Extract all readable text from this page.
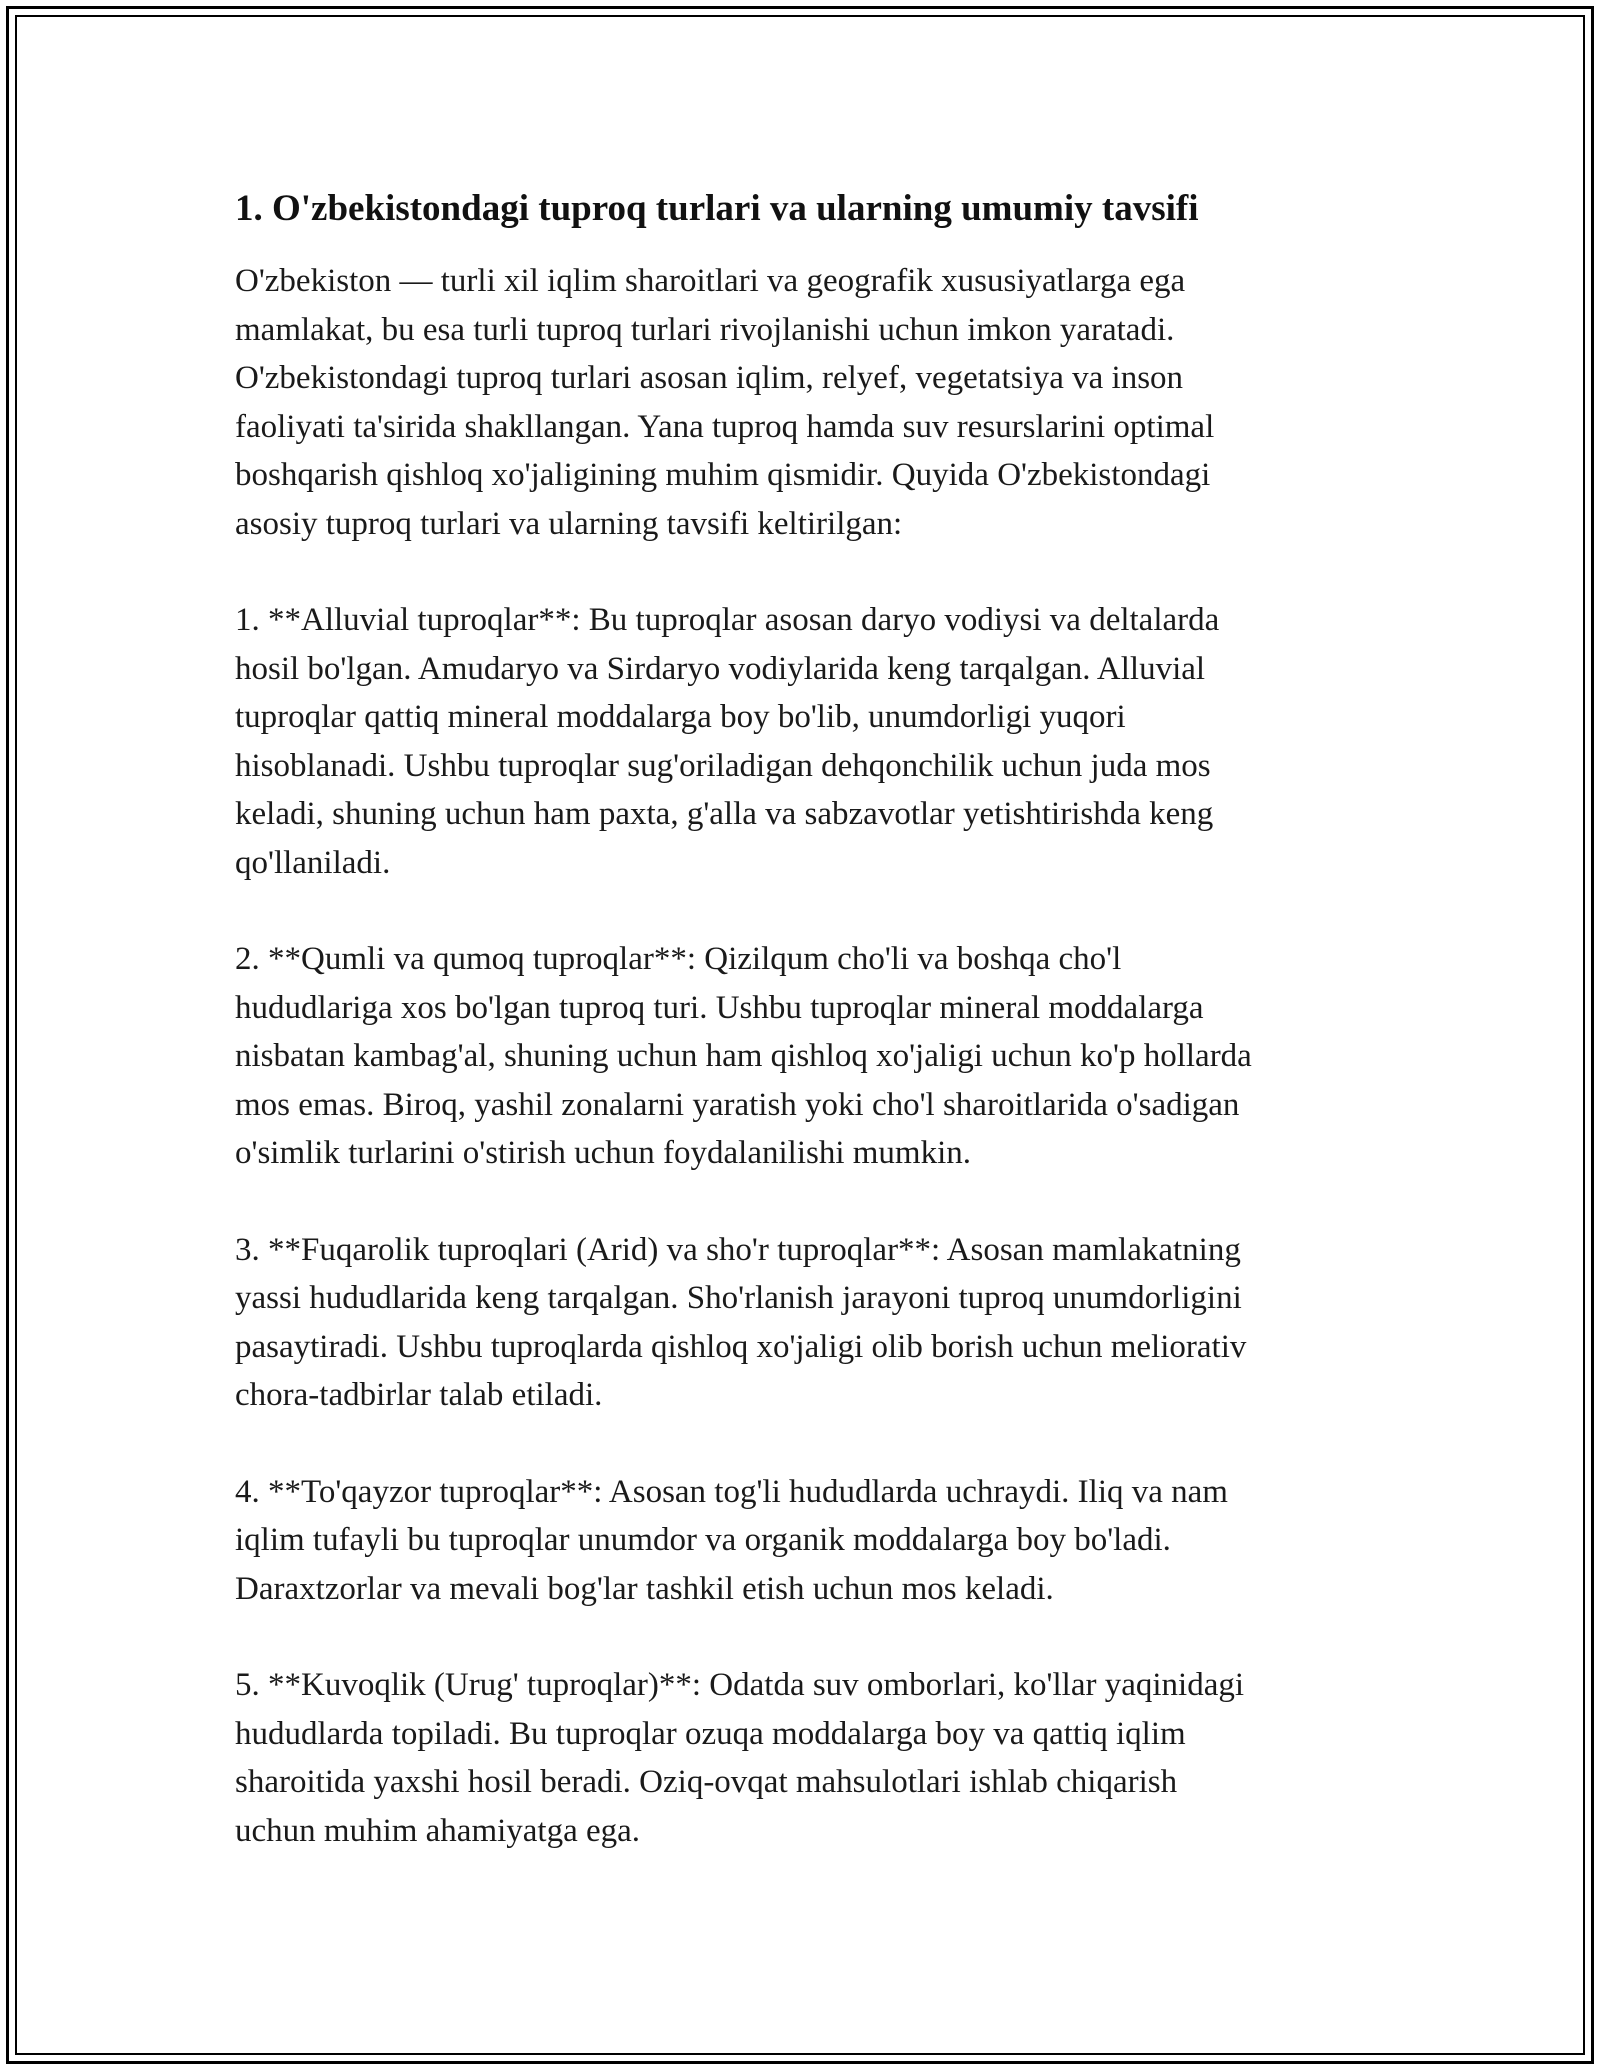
1. O'zbekistondagi tuproq turlari va ularning umumiy tavsifi

O'zbekiston — turli xil iqlim sharoitlari va geografik xususiyatlarga ega
mamlakat, bu esa turli tuproq turlari rivojlanishi uchun imkon yaratadi.
O'zbekistondagi tuproq turlari asosan iqlim, relyef, vegetatsiya va inson
faoliyati ta'sirida shakllangan. Yana tuproq hamda suv resurslarini optimal
boshqarish qishloq xo'jaligining muhim qismidir. Quyida O'zbekistondagi
asosiy tuproq turlari va ularning tavsifi keltirilgan:

1. **Alluvial tuproqlar**: Bu tuproqlar asosan daryo vodiysi va deltalarda
hosil bo'lgan. Amudaryo va Sirdaryo vodiylarida keng tarqalgan. Alluvial
tuproqlar qattiq mineral moddalarga boy bo'lib, unumdorligi yuqori
hisoblanadi. Ushbu tuproqlar sug'oriladigan dehqonchilik uchun juda mos
keladi, shuning uchun ham paxta, g'alla va sabzavotlar yetishtirishda keng
qo'llaniladi.

2. **Qumli va qumoq tuproqlar**: Qizilqum cho'li va boshqa cho'l
hududlariga xos bo'lgan tuproq turi. Ushbu tuproqlar mineral moddalarga
nisbatan kambag'al, shuning uchun ham qishloq xo'jaligi uchun ko'p hollarda
mos emas. Biroq, yashil zonalarni yaratish yoki cho'l sharoitlarida o'sadigan
o'simlik turlarini o'stirish uchun foydalanilishi mumkin.

3. **Fuqarolik tuproqlari (Arid) va sho'r tuproqlar**: Asosan mamlakatning
yassi hududlarida keng tarqalgan. Sho'rlanish jarayoni tuproq unumdorligini
pasaytiradi. Ushbu tuproqlarda qishloq xo'jaligi olib borish uchun meliorativ
chora-tadbirlar talab etiladi.

4. **To'qayzor tuproqlar**: Asosan tog'li hududlarda uchraydi. Iliq va nam
iqlim tufayli bu tuproqlar unumdor va organik moddalarga boy bo'ladi.
Daraxtzorlar va mevali bog'lar tashkil etish uchun mos keladi.

5. **Kuvoqlik (Urug' tuproqlar)**: Odatda suv omborlari, ko'llar yaqinidagi
hududlarda topiladi. Bu tuproqlar ozuqa moddalarga boy va qattiq iqlim
sharoitida yaxshi hosil beradi. Oziq-ovqat mahsulotlari ishlab chiqarish
uchun muhim ahamiyatga ega.
